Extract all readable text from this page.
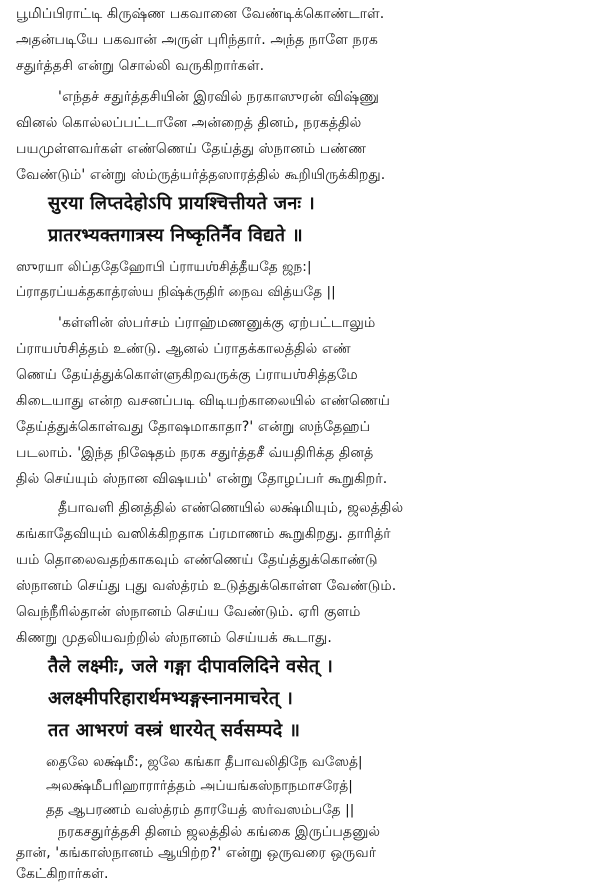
பூமிப்பிராட்டி கிருஷ்ண பகவானை வேண்டிக்கொண்டாள்.
அதன்படியே பகவான் அருள் புரிந்தார். அந்த நாளே நரக
சதுர்த்தசி என்று சொல்லி வருகிறார்கள்.
'எந்தச் சதுர்த்தசியின் இரவில் நரகாஸுரன் விஷ்ணு
வினல் கொல்லப்பட்டானே அன்றைத் தினம், நரகத்தில்
பயமுள்ளவர்கள் எண்ணெய் தேய்த்து ஸ்நானம் பண்ண
வேண்டும்' என்று ஸ்ம்ருத்யர்த்தஸாரத்தில் கூறியிருக்கிறது.
सुरया लिप्तदेहोऽपि प्रायश्चित्तीयते जनः ।
प्रातरभ्यक्तगात्रस्य निष्कृतिर्नैव विद्यते ॥
ஸுரயா லிப்ததேஹோபி ப்ராயஶ்சித்தீயதே ஜந:|
ப்ராதரப்யக்தகாத்ரஸ்ய நிஷ்க்ருதிர் நைவ வித்யதே ||
'கள்ளின் ஸ்பர்சம் ப்ராஹ்மணனுக்கு ஏற்பட்டாலும்
ப்ராயஶ்சித்தம் உண்டு. ஆனல் ப்ராதக்காலத்தில் எண்
ணெய் தேய்த்துக்கொள்ளுகிறவருக்கு ப்ராயஶ்சித்தமே
கிடையாது என்ற வசனப்படி விடியற்காலையில் எண்ணெய்
தேய்த்துக்கொள்வது தோஷமாகாதா?' என்று ஸந்தேஹப்
படலாம். 'இந்த நிஷேதம் நரக சதுர்த்தசீ வ்யதிரிக்த தினத்
தில் செய்யும் ஸ்நான விஷயம்' என்று தோழப்பர் கூறுகிறர்.
தீபாவளி தினத்தில் எண்ணெயில் லக்ஷ்மியும், ஜலத்தில்
கங்காதேவியும் வஸிக்கிறதாக ப்ரமாணம் கூறுகிறது. தாரித்ர்
யம் தொலைவதற்காகவும் எண்ணெய் தேய்த்துக்கொண்டு
ஸ்நானம் செய்து புது வஸ்த்ரம் உடுத்துக்கொள்ள வேண்டும்.
வெந்நீரில்தான் ஸ்நானம் செய்ய வேண்டும். ஏரி குளம்
கிணறு முதலியவற்றில் ஸ்நானம் செய்யக் கூடாது.
तैले लक्ष्मीः, जले गङ्गा दीपावलिदिने वसेत् ।
अलक्ष्मीपरिहारार्थमभ्यङ्गस्नानमाचरेत् ।
तत आभरणं वस्त्रं धारयेत् सर्वसम्पदे ॥
தைலே லக்ஷ்மீ:, ஜலே கங்கா தீபாவலிதிநே வஸேத்|
அலக்ஷ்மீபரிஹாரார்த்தம் அப்யங்கஸ்நாநமாசரேத்|
தத ஆபரணம் வஸ்த்ரம் தாரயேத் ஸர்வஸம்பதே ||
நரகசதுர்த்தசி தினம் ஜலத்தில் கங்கை இருப்பதனுல்
தான், 'கங்காஸ்நானம் ஆயிற்ற?' என்று ஒருவரை ஒருவர்
கேட்கிறார்கள்.
